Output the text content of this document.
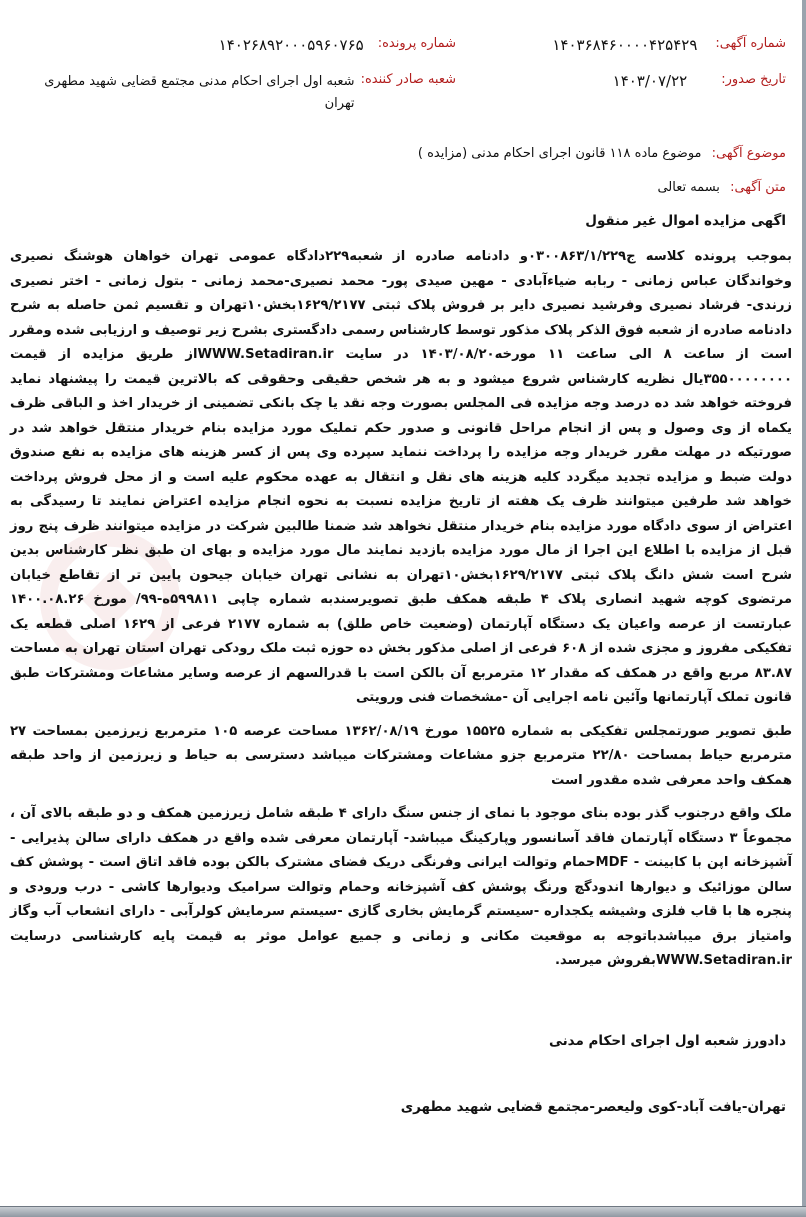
شماره آگهی:
۱۴۰۳۶۸۴۶۰۰۰۰۴۲۵۴۲۹
شماره پرونده:
۱۴۰۲۶۸۹۲۰۰۰۵۹۶۰۷۶۵
تاریخ صدور:
۱۴۰۳/۰۷/۲۲
شعبه صادر کننده:
شعبه اول اجرای احکام مدنی مجتمع قضایی شهید مطهری تهران
موضوع آگهی: موضوع ماده ۱۱۸ قانون اجرای احکام مدنی (مزایده )
متن آگهی: بسمه تعالی
اگهی مزایده اموال غیر منقول

بموجب پرونده کلاسه ج۰۳۰۰۸۶۳/۱/۲۲۹و دادنامه صادره از شعبه۲۲۹دادگاه عمومی تهران خواهان هوشنگ نصیری وخواندگان عباس زمانی - ربابه ضیاءآبادی - مهین صیدی پور- محمد نصیری-محمد زمانی - بتول زمانی - اختر نصیری زرندی- فرشاد نصیری وفرشید نصیری دایر بر فروش پلاک ثبتی ۱۶۲۹/۲۱۷۷بخش۱۰تهران و تقسیم ثمن حاصله به شرح دادنامه صادره از شعبه فوق الذکر پلاک مذکور توسط کارشناس رسمی دادگستری بشرح زیر توصیف و ارزیابی شده ومقرر است از ساعت ۸ الی ساعت ۱۱ مورخه۱۴۰۳/۰۸/۲۰ در سایت WWW.Setadiran.irاز طریق مزایده از قیمت ۳۵۵۰۰۰۰۰۰۰۰یال نظریه کارشناس شروع میشود و به هر شخص حقیقی وحقوقی که بالاترین قیمت را پیشنهاد نماید فروخته خواهد شد ده درصد وجه مزایده فی المجلس بصورت وجه نقد یا چک بانکی تضمینی از خریدار اخذ و الباقی ظرف یکماه از وی وصول و پس از انجام مراحل قانونی و صدور حکم تملیک مورد مزایده بنام خریدار منتقل خواهد شد در صورتیکه در مهلت مقرر خریدار وجه مزایده را پرداخت ننماید سپرده وی پس از کسر هزینه های مزایده به نفع صندوق دولت ضبط و مزایده تجدید میگردد کلیه هزینه های نقل و انتقال به عهده محکوم علیه است و از محل فروش پرداخت خواهد شد طرفین میتوانند ظرف یک هفته از تاریخ مزایده نسبت به نحوه انجام مزایده اعتراض نمایند تا رسیدگی به اعتراض از سوی دادگاه مورد مزایده بنام خریدار منتقل نخواهد شد ضمنا طالبین شرکت در مزایده میتوانند ظرف پنج روز قبل از مزایده با اطلاع این اجرا از مال مورد مزایده بازدید نمایند مال مورد مزایده و بهای ان طبق نظر کارشناس بدین شرح است شش دانگ پلاک ثبتی ۱۶۲۹/۲۱۷۷بخش۱۰تهران به نشانی تهران خیابان جیحون پایین تر از تقاطع خیابان مرتضوی کوچه شهید انصاری پلاک ۴ طبقه همکف طبق تصویرسندبه شماره چاپی ۵۹۹۸۱۱ه-۹۹/ مورخ ۱۴۰۰.۰۸.۲۶ عبارتست از عرصه واعیان یک دستگاه آپارتمان (وضعیت خاص طلق) به شماره ۲۱۷۷ فرعی از ۱۶۲۹ اصلی قطعه یک تفکیکی مفروز و مجزی شده از ۶۰۸ فرعی از اصلی مذکور بخش ده حوزه ثبت ملک رودکی تهران استان تهران به مساحت ۸۳.۸۷ مربع واقع در همکف که مقدار ۱۲ مترمربع آن بالکن است با قدرالسهم از عرصه وسایر مشاعات ومشترکات طبق قانون تملک آپارتمانها وآئین نامه اجرایی آن -مشخصات فنی ورویتی

طبق تصویر صورتمجلس تفکیکی به شماره ۱۵۵۲۵ مورخ ۱۳۶۲/۰۸/۱۹ مساحت عرصه ۱۰۵ مترمربع زیرزمین بمساحت ۲۷ مترمربع حیاط بمساحت ۲۲/۸۰ مترمربع جزو مشاعات ومشترکات میباشد دسترسی به حیاط و زیرزمین از واحد طبقه همکف واحد معرفی شده مقدور است

ملک واقع درجنوب گذر بوده بنای موجود با نمای از جنس سنگ دارای ۴ طبقه شامل زیرزمین همکف و دو طبقه بالای آن ، مجموعاً ۳ دستگاه آپارتمان فاقد آسانسور وپارکینگ میباشد- آپارتمان معرفی شده واقع در همکف دارای سالن پذیرایی - آشپزخانه اپن با کابینت - MDFحمام وتوالت ایرانی وفرنگی دریک فضای مشترک بالکن بوده فاقد اتاق است - پوشش کف سالن موزائیک و دیوارها اندودگچ ورنگ پوشش کف آشپزخانه وحمام وتوالت سرامیک ودیوارها کاشی - درب ورودی و پنجره ها با قاب فلزی وشیشه یکجداره -سیستم گرمایش بخاری گازی -سیستم سرمایش کولرآبی - دارای انشعاب آب وگاز وامتیاز برق میباشدباتوجه به موقعیت مکانی و زمانی و جمیع عوامل موثر به قیمت پایه کارشناسی درسایت WWW.Setadiran.irبفروش میرسد.

دادورز شعبه اول اجرای احکام مدنی
تهران-یافت آباد-کوی ولیعصر-مجتمع قضایی شهید مطهری
